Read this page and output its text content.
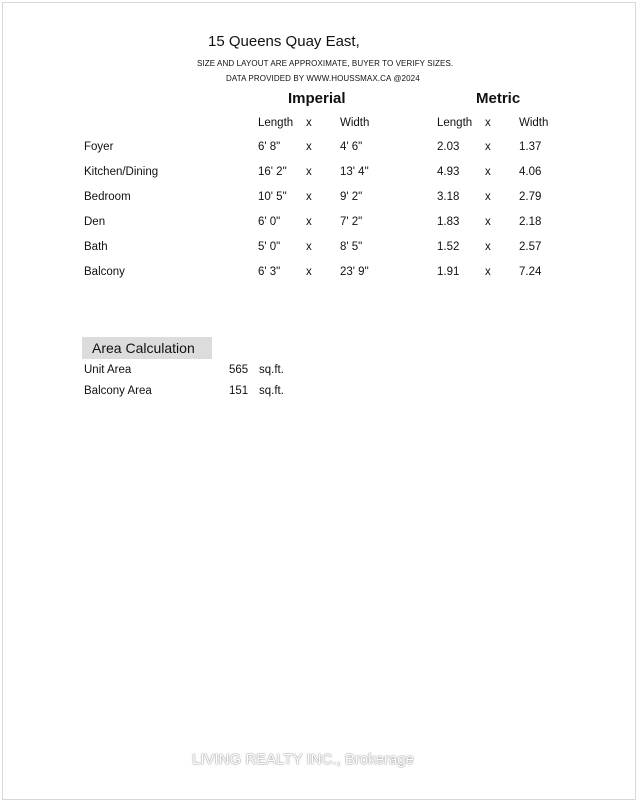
15 Queens Quay East,
SIZE AND LAYOUT ARE APPROXIMATE, BUYER TO VERIFY SIZES.
DATA PROVIDED BY WWW.HOUSSMAX.CA @2024
Imperial	Metric
Length x Width	Length x Width
Foyer	6' 8" x 4' 6"	2.03 x 1.37
Kitchen/Dining	16' 2" x 13' 4"	4.93 x 4.06
Bedroom	10' 5" x 9' 2"	3.18 x 2.79
Den	6' 0" x 7' 2"	1.83 x 2.18
Bath	5' 0" x 8' 5"	1.52 x 2.57
Balcony	6' 3" x 23' 9"	1.91 x 7.24
Area Calculation
Unit Area	565 sq.ft.
Balcony Area	151 sq.ft.
LIVING REALTY INC., Brokerage
